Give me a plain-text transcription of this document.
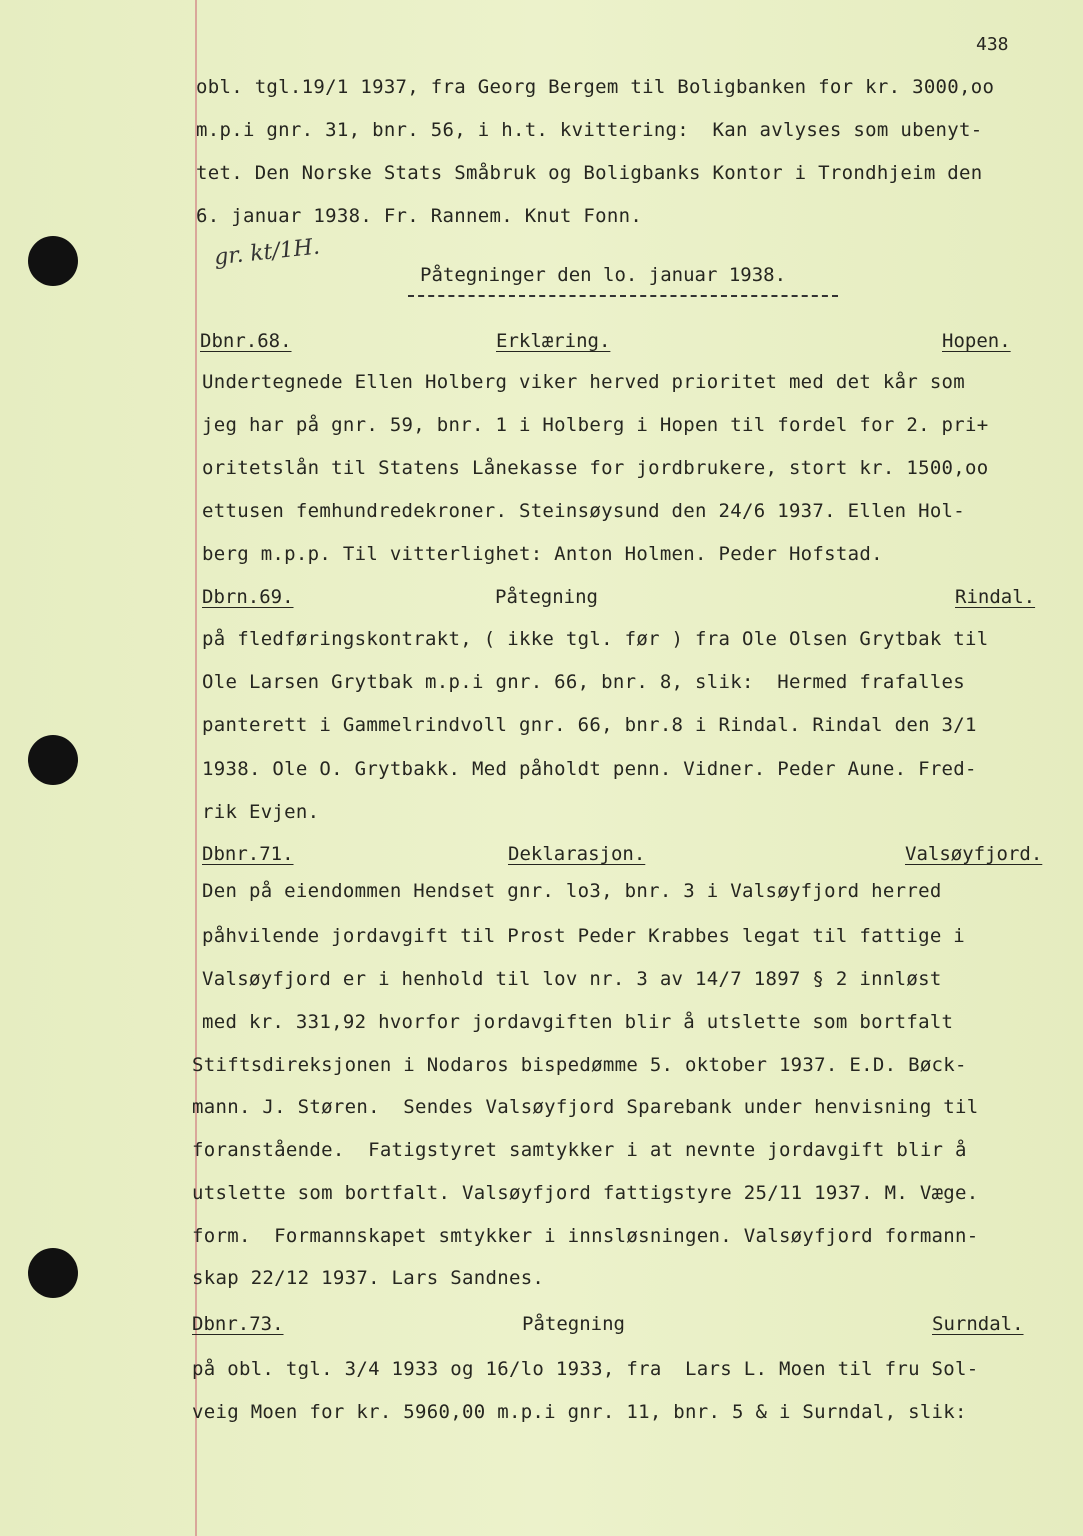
438
obl. tgl.19/1 1937, fra Georg Bergem til Boligbanken for kr. 3000,oo
m.p.i gnr. 31, bnr. 56, i h.t. kvittering:  Kan avlyses som ubenyt-
tet. Den Norske Stats Småbruk og Boligbanks Kontor i Trondhjeim den
6. januar 1938. Fr. Rannem. Knut Fonn.
gr. kt/1H.
Påtegninger den lo. januar 1938.
Dbnr.68.	Erklæring.	Hopen.
Undertegnede Ellen Holberg viker herved prioritet med det kår som
jeg har på gnr. 59, bnr. 1 i Holberg i Hopen til fordel for 2. pri+
oritetslån til Statens Lånekasse for jordbrukere, stort kr. 1500,oo
ettusen femhundredekroner. Steinsøysund den 24/6 1937. Ellen Hol-
berg m.p.p. Til vitterlighet: Anton Holmen. Peder Hofstad.
Dbrn.69.	Påtegning	Rindal.
på fledføringskontrakt, ( ikke tgl. før ) fra Ole Olsen Grytbak til
Ole Larsen Grytbak m.p.i gnr. 66, bnr. 8, slik:  Hermed frafalles
panterett i Gammelrindvoll gnr. 66, bnr.8 i Rindal. Rindal den 3/1
1938. Ole O. Grytbakk. Med påholdt penn. Vidner. Peder Aune. Fred-
rik Evjen.
Dbnr.71.	Deklarasjon.	Valsøyfjord.
Den på eiendommen Hendset gnr. lo3, bnr. 3 i Valsøyfjord herred
påhvilende jordavgift til Prost Peder Krabbes legat til fattige i
Valsøyfjord er i henhold til lov nr. 3 av 14/7 1897 § 2 innløst
med kr. 331,92 hvorfor jordavgiften blir å utslette som bortfalt
Stiftsdireksjonen i Nodaros bispedømme 5. oktober 1937. E.D. Bøck-
mann. J. Støren.  Sendes Valsøyfjord Sparebank under henvisning til
foranstående.  Fatigstyret samtykker i at nevnte jordavgift blir å
utslette som bortfalt. Valsøyfjord fattigstyre 25/11 1937. M. Væge.
form.  Formannskapet smtykker i innsløsningen. Valsøyfjord formann-
skap 22/12 1937. Lars Sandnes.
Dbnr.73.	Påtegning	Surndal.
på obl. tgl. 3/4 1933 og 16/lo 1933, fra  Lars L. Moen til fru Sol-
veig Moen for kr. 5960,00 m.p.i gnr. 11, bnr. 5 & i Surndal, slik:
